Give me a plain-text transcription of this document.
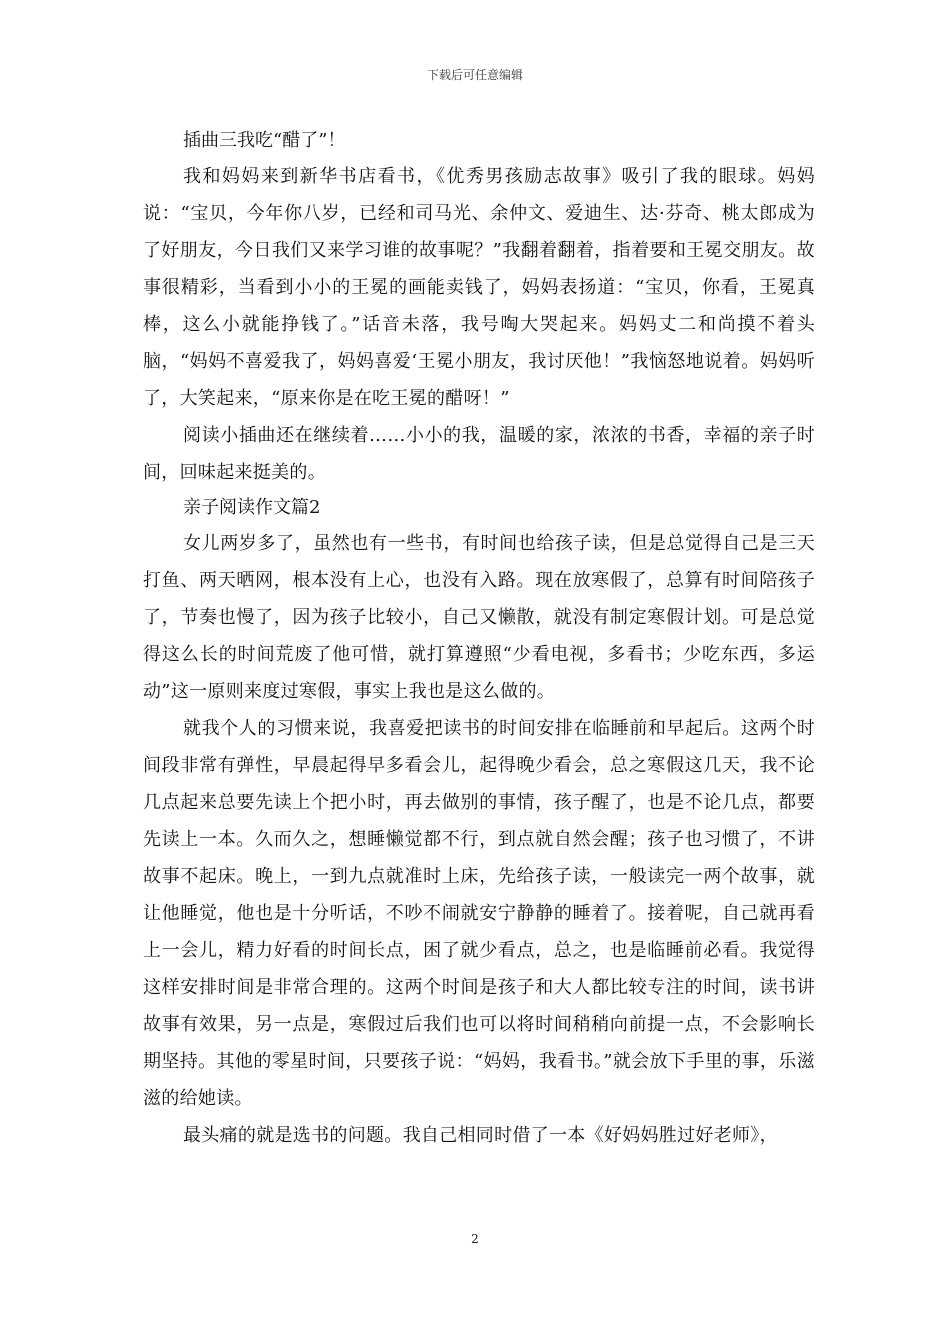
下载后可任意编辑

插曲三我吃“醋了”！

我和妈妈来到新华书店看书，《优秀男孩励志故事》吸引了我的眼球。妈妈说：“宝贝，今年你八岁，已经和司马光、余仲文、爱迪生、达·芬奇、桃太郎成为了好朋友，今日我们又来学习谁的故事呢？”我翻着翻着，指着要和王冕交朋友。故事很精彩，当看到小小的王冕的画能卖钱了，妈妈表扬道：“宝贝，你看，王冕真棒，这么小就能挣钱了。”话音未落，我号啕大哭起来。妈妈丈二和尚摸不着头脑，“妈妈不喜爱我了，妈妈喜爱‘王冕小朋友，我讨厌他！”我恼怒地说着。妈妈听了，大笑起来，“原来你是在吃王冕的醋呀！”

阅读小插曲还在继续着……小小的我，温暖的家，浓浓的书香，幸福的亲子时间，回味起来挺美的。

亲子阅读作文篇2

女儿两岁多了，虽然也有一些书，有时间也给孩子读，但是总觉得自己是三天打鱼、两天晒网，根本没有上心，也没有入路。现在放寒假了，总算有时间陪孩子了，节奏也慢了，因为孩子比较小，自己又懒散，就没有制定寒假计划。可是总觉得这么长的时间荒废了他可惜，就打算遵照“少看电视，多看书；少吃东西，多运动”这一原则来度过寒假，事实上我也是这么做的。

就我个人的习惯来说，我喜爱把读书的时间安排在临睡前和早起后。这两个时间段非常有弹性，早晨起得早多看会儿，起得晚少看会，总之寒假这几天，我不论几点起来总要先读上个把小时，再去做别的事情，孩子醒了，也是不论几点，都要先读上一本。久而久之，想睡懒觉都不行，到点就自然会醒；孩子也习惯了，不讲故事不起床。晚上，一到九点就准时上床，先给孩子读，一般读完一两个故事，就让他睡觉，他也是十分听话，不吵不闹就安宁静静的睡着了。接着呢，自己就再看上一会儿，精力好看的时间长点，困了就少看点，总之，也是临睡前必看。我觉得这样安排时间是非常合理的。这两个时间是孩子和大人都比较专注的时间，读书讲故事有效果，另一点是，寒假过后我们也可以将时间稍稍向前提一点，不会影响长期坚持。其他的零星时间，只要孩子说：“妈妈，我看书。”就会放下手里的事，乐滋滋的给她读。

最头痛的就是选书的问题。我自己相同时借了一本《好妈妈胜过好老师》，

2
